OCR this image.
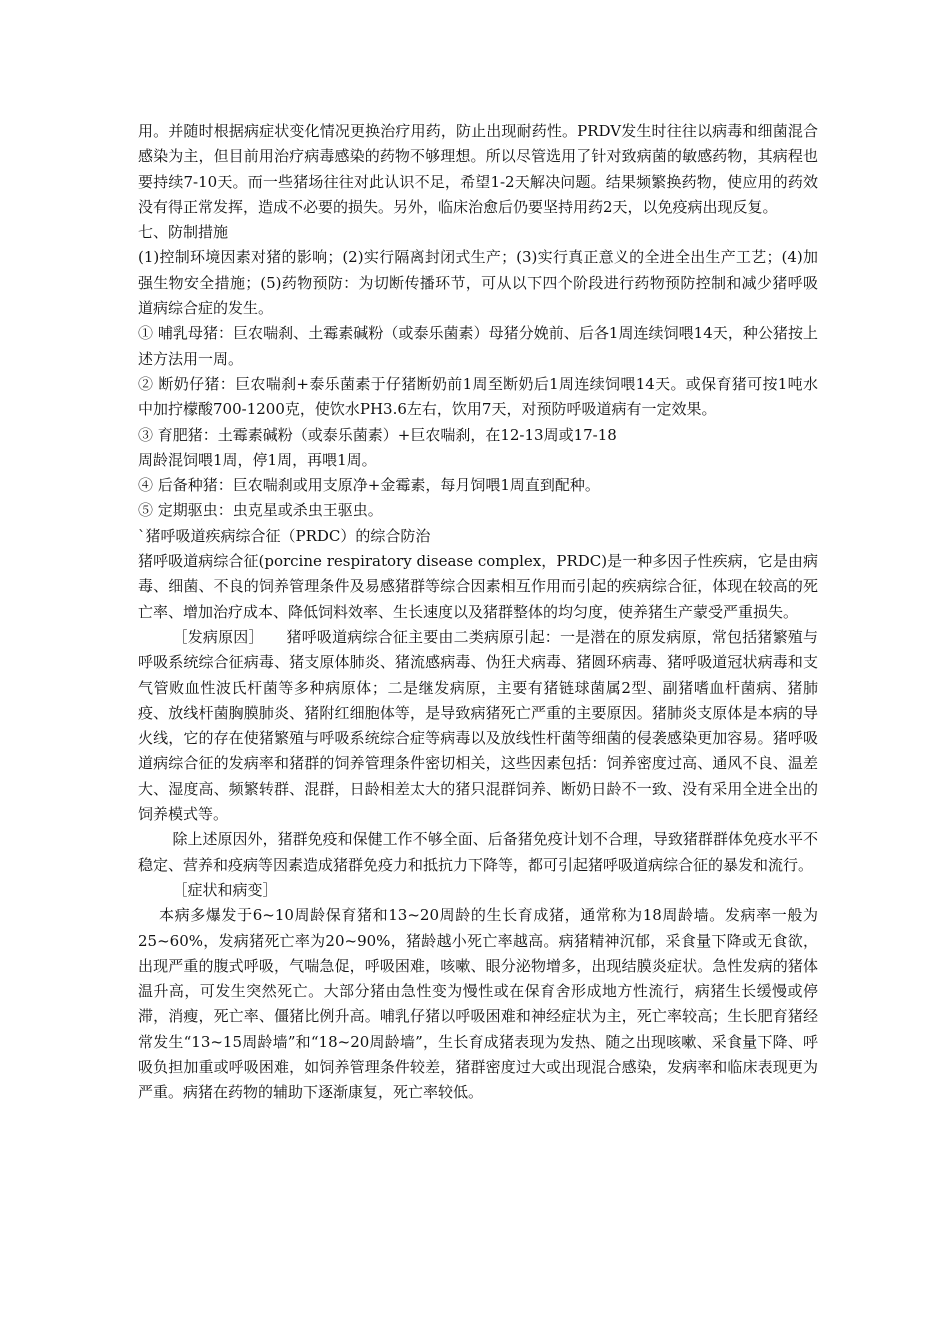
用。并随时根据病症状变化情况更换治疗用药，防止出现耐药性。PRDV发生时往往以病毒和细菌混合感染为主，但目前用治疗病毒感染的药物不够理想。所以尽管选用了针对致病菌的敏感药物，其病程也要持续7-10天。而一些猪场往往对此认识不足，希望1-2天解决问题。结果频繁换药物，使应用的药效没有得正常发挥，造成不必要的损失。另外，临床治愈后仍要坚持用药2天，以免疫病出现反复。

七、防制措施

(1)控制环境因素对猪的影响；(2)实行隔离封闭式生产；(3)实行真正意义的全进全出生产工艺；(4)加强生物安全措施；(5)药物预防：为切断传播环节，可从以下四个阶段进行药物预防控制和减少猪呼吸道病综合症的发生。

① 哺乳母猪：巨农喘刹、土霉素碱粉（或泰乐菌素）母猪分娩前、后各1周连续饲喂14天，种公猪按上述方法用一周。

② 断奶仔猪：巨农喘刹+泰乐菌素于仔猪断奶前1周至断奶后1周连续饲喂14天。或保育猪可按1吨水中加拧檬酸700-1200克，使饮水PH3.6左右，饮用7天，对预防呼吸道病有一定效果。

③ 育肥猪：土霉素碱粉（或泰乐菌素）+巨农喘刹，在12-13周或17-18

周龄混饲喂1周，停1周，再喂1周。

④ 后备种猪：巨农喘刹或用支原净+金霉素，每月饲喂1周直到配种。

⑤ 定期驱虫：虫克星或杀虫王驱虫。

`猪呼吸道疾病综合征（PRDC）的综合防治

猪呼吸道病综合征(porcine respiratory disease complex，PRDC)是一种多因子性疾病，它是由病毒、细菌、不良的饲养管理条件及易感猪群等综合因素相互作用而引起的疾病综合征，体现在较高的死亡率、增加治疗成本、降低饲料效率、生长速度以及猪群整体的均匀度，使养猪生产蒙受严重损失。

［发病原因］　　猪呼吸道病综合征主要由二类病原引起：一是潜在的原发病原，常包括猪繁殖与呼吸系统综合征病毒、猪支原体肺炎、猪流感病毒、伪狂犬病毒、猪圆环病毒、猪呼吸道冠状病毒和支气管败血性波氏杆菌等多种病原体；二是继发病原，主要有猪链球菌属2型、副猪嗜血杆菌病、猪肺疫、放线杆菌胸膜肺炎、猪附红细胞体等，是导致病猪死亡严重的主要原因。猪肺炎支原体是本病的导火线，它的存在使猪繁殖与呼吸系统综合症等病毒以及放线性杆菌等细菌的侵袭感染更加容易。猪呼吸道病综合征的发病率和猪群的饲养管理条件密切相关，这些因素包括：饲养密度过高、通风不良、温差大、湿度高、频繁转群、混群，日龄相差太大的猪只混群饲养、断奶日龄不一致、没有采用全进全出的饲养模式等。

除上述原因外，猪群免疫和保健工作不够全面、后备猪免疫计划不合理，导致猪群群体免疫水平不稳定、营养和疫病等因素造成猪群免疫力和抵抗力下降等，都可引起猪呼吸道病综合征的暴发和流行。

［症状和病变］

本病多爆发于6~10周龄保育猪和13~20周龄的生长育成猪，通常称为18周龄墙。发病率一般为25~60%，发病猪死亡率为20~90%，猪龄越小死亡率越高。病猪精神沉郁，采食量下降或无食欲，出现严重的腹式呼吸，气喘急促，呼吸困难，咳嗽、眼分泌物增多，出现结膜炎症状。急性发病的猪体温升高，可发生突然死亡。大部分猪由急性变为慢性或在保育舍形成地方性流行，病猪生长缓慢或停滞，消瘦，死亡率、僵猪比例升高。哺乳仔猪以呼吸困难和神经症状为主，死亡率较高；生长肥育猪经常发生“13~15周龄墙”和“18~20周龄墙”，生长育成猪表现为发热、随之出现咳嗽、采食量下降、呼吸负担加重或呼吸困难，如饲养管理条件较差，猪群密度过大或出现混合感染，发病率和临床表现更为严重。病猪在药物的辅助下逐渐康复，死亡率较低。
